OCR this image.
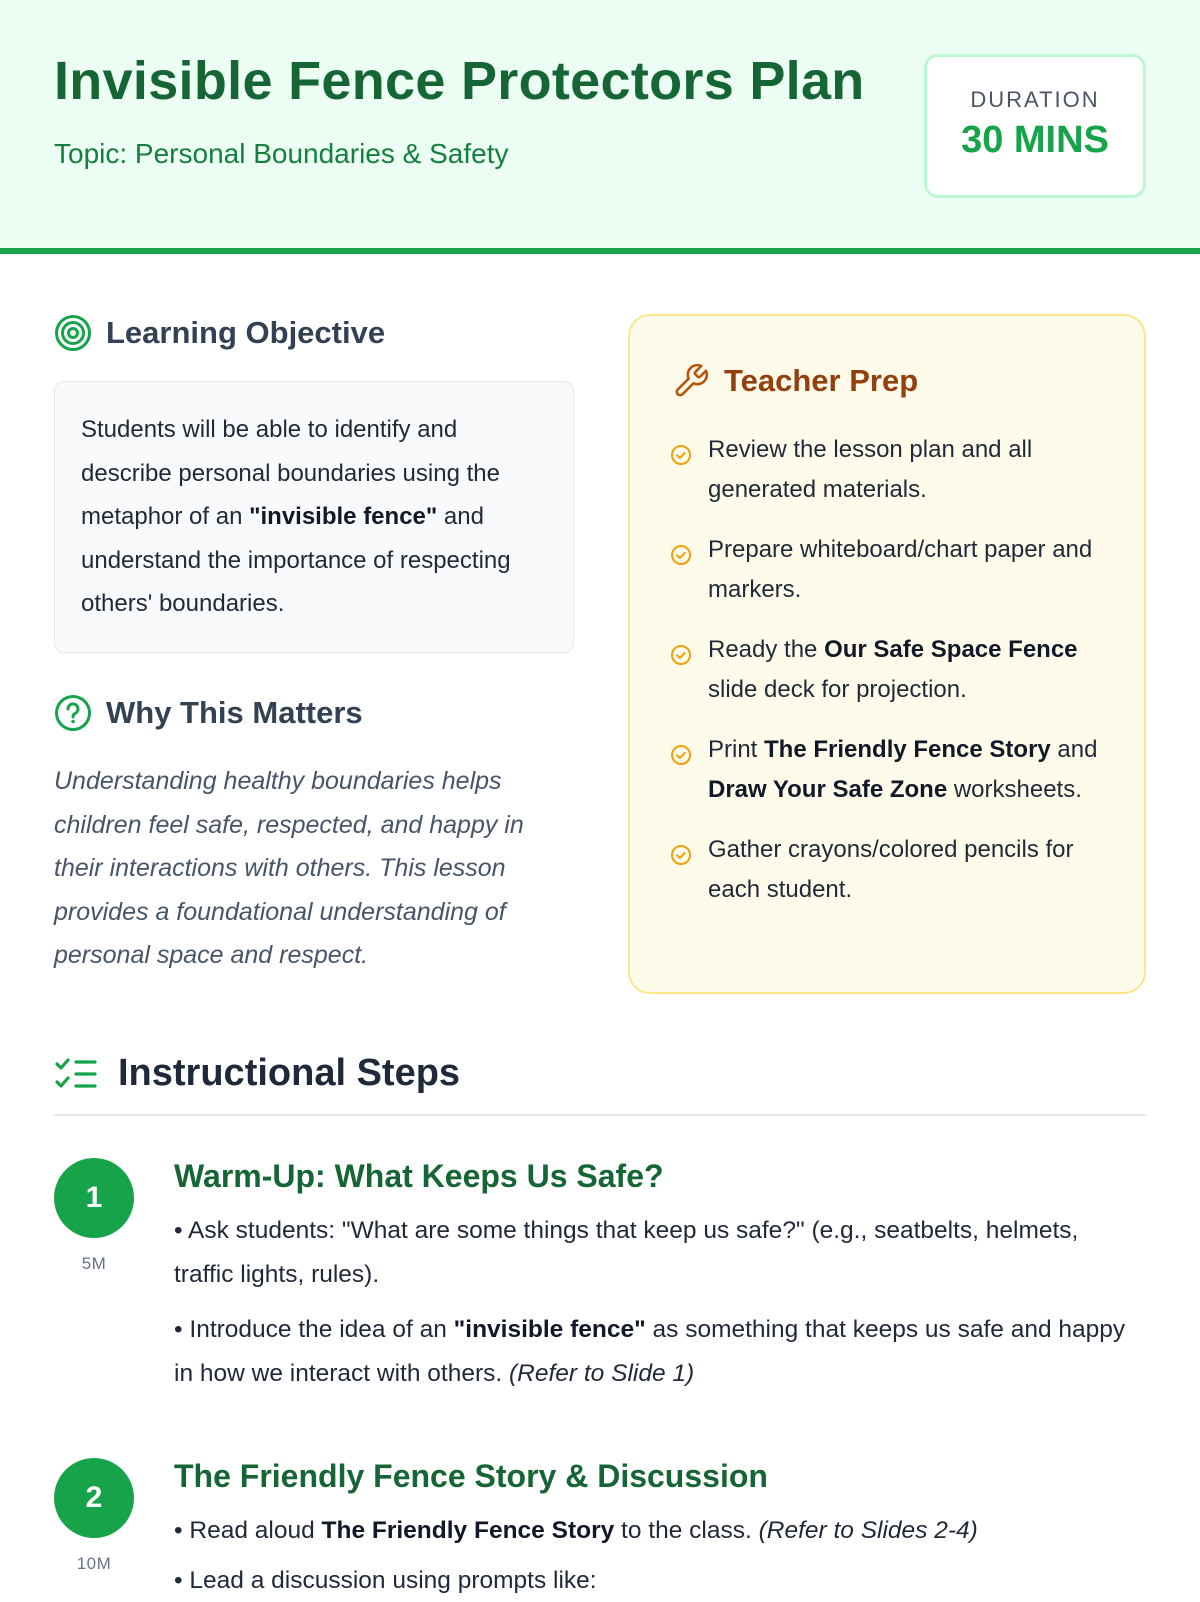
Invisible Fence Protectors Plan
Topic: Personal Boundaries & Safety
DURATION
30 MINS
Learning Objective
Students will be able to identify and describe personal boundaries using the metaphor of an "invisible fence" and understand the importance of respecting others' boundaries.
Why This Matters
Understanding healthy boundaries helps children feel safe, respected, and happy in their interactions with others. This lesson provides a foundational understanding of personal space and respect.
Teacher Prep
Review the lesson plan and all generated materials.
Prepare whiteboard/chart paper and markers.
Ready the Our Safe Space Fence slide deck for projection.
Print The Friendly Fence Story and Draw Your Safe Zone worksheets.
Gather crayons/colored pencils for each student.
Instructional Steps
1
5M
Warm-Up: What Keeps Us Safe?

• Ask students: "What are some things that keep us safe?" (e.g., seatbelts, helmets, traffic lights, rules).

• Introduce the idea of an "invisible fence" as something that keeps us safe and happy in how we interact with others. (Refer to Slide 1)

2
10M
The Friendly Fence Story & Discussion

• Read aloud The Friendly Fence Story to the class. (Refer to Slides 2-4)

• Lead a discussion using prompts like:
